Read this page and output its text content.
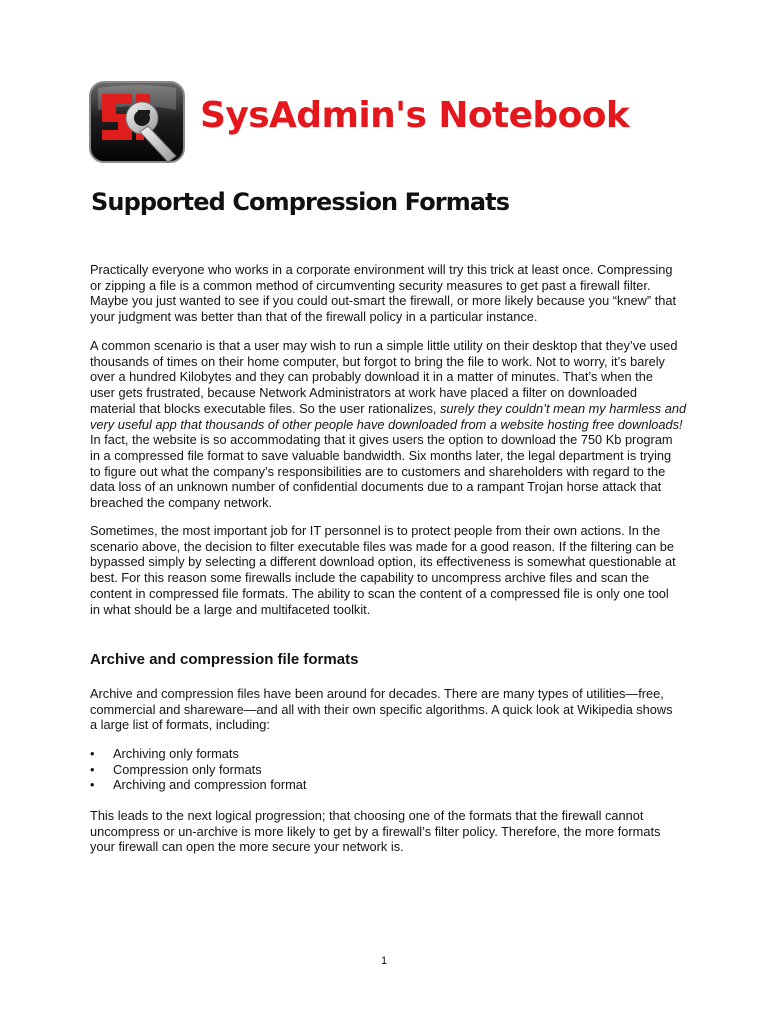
SysAdmin's Notebook
Supported Compression Formats

Practically everyone who works in a corporate environment will try this trick at least once. Compressing
or zipping a file is a common method of circumventing security measures to get past a firewall filter.
Maybe you just wanted to see if you could out-smart the firewall, or more likely because you “knew” that
your judgment was better than that of the firewall policy in a particular instance.

A common scenario is that a user may wish to run a simple little utility on their desktop that they’ve used
thousands of times on their home computer, but forgot to bring the file to work. Not to worry, it’s barely
over a hundred Kilobytes and they can probably download it in a matter of minutes. That’s when the
user gets frustrated, because Network Administrators at work have placed a filter on downloaded
material that blocks executable files. So the user rationalizes, surely they couldn’t mean my harmless and
very useful app that thousands of other people have downloaded from a website hosting free downloads!
In fact, the website is so accommodating that it gives users the option to download the 750 Kb program
in a compressed file format to save valuable bandwidth. Six months later, the legal department is trying
to figure out what the company’s responsibilities are to customers and shareholders with regard to the
data loss of an unknown number of confidential documents due to a rampant Trojan horse attack that
breached the company network.

Sometimes, the most important job for IT personnel is to protect people from their own actions. In the
scenario above, the decision to filter executable files was made for a good reason. If the filtering can be
bypassed simply by selecting a different download option, its effectiveness is somewhat questionable at
best. For this reason some firewalls include the capability to uncompress archive files and scan the
content in compressed file formats. The ability to scan the content of a compressed file is only one tool
in what should be a large and multifaceted toolkit.

Archive and compression file formats

Archive and compression files have been around for decades. There are many types of utilities—free,
commercial and shareware—and all with their own specific algorithms. A quick look at Wikipedia shows
a large list of formats, including:

• Archiving only formats
• Compression only formats
• Archiving and compression format

This leads to the next logical progression; that choosing one of the formats that the firewall cannot
uncompress or un-archive is more likely to get by a firewall’s filter policy. Therefore, the more formats
your firewall can open the more secure your network is.

1
